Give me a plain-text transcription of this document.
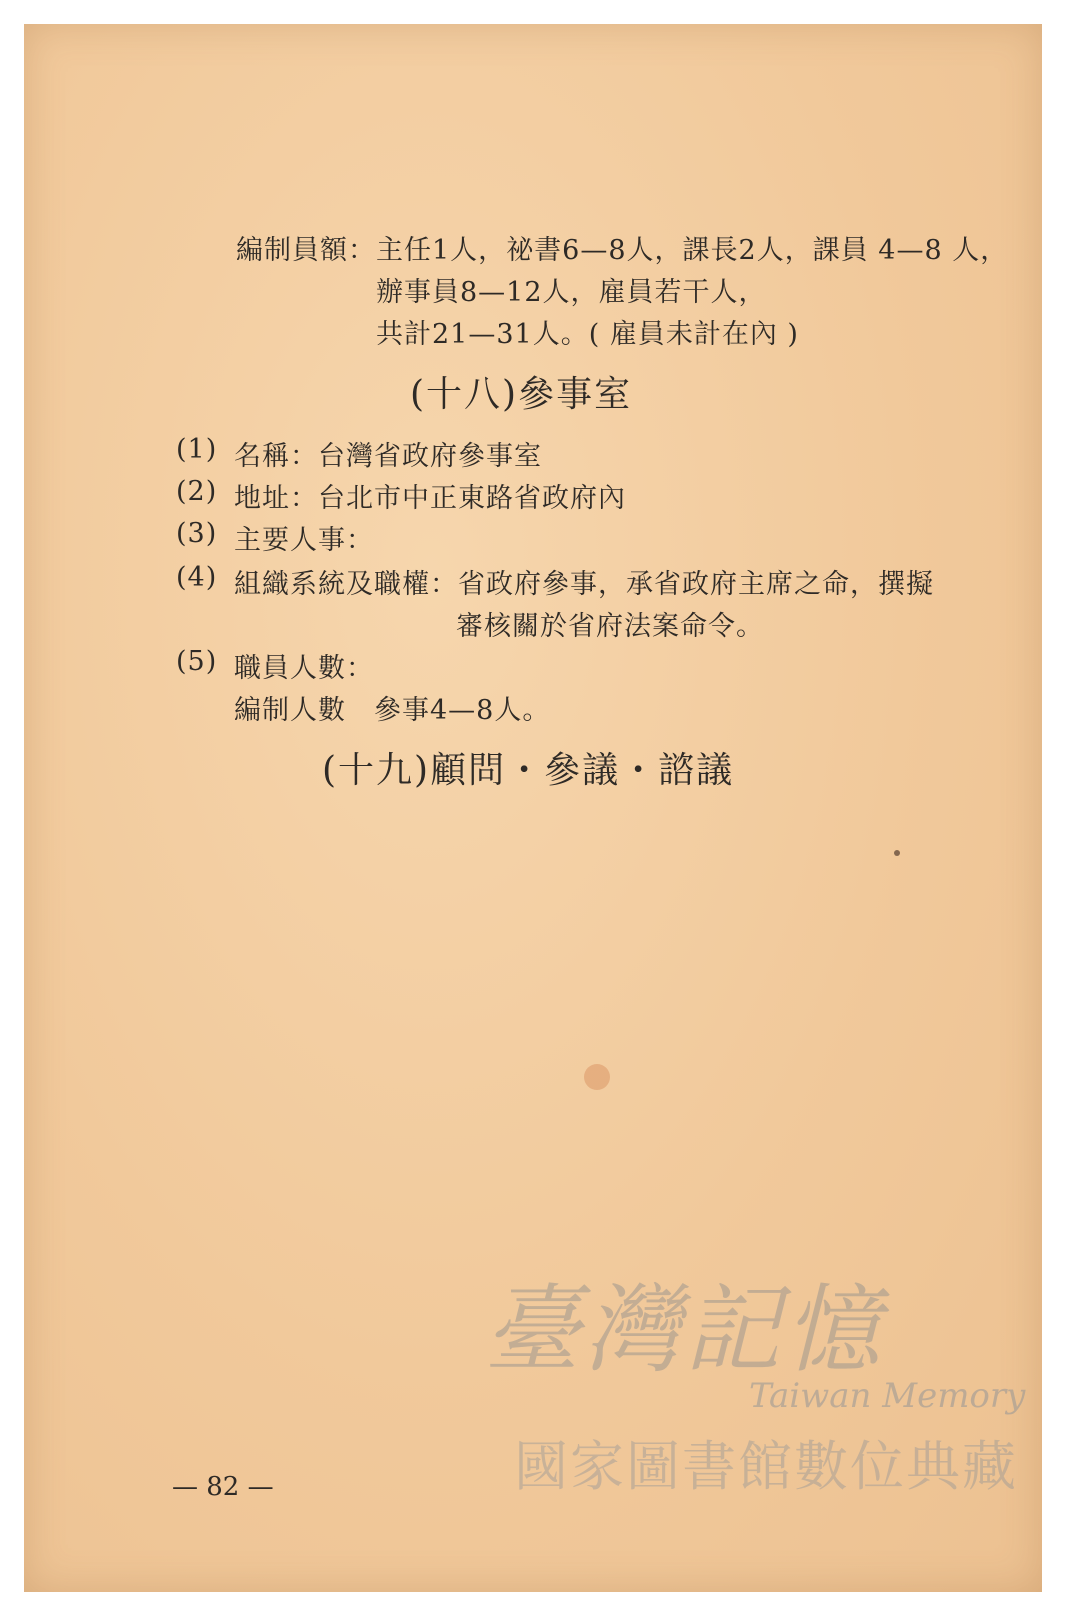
編制員額： 主任1人，祕書6—8人，課長2人，課員 4—8 人，
辦事員8—12人，雇員若干人，
共計21—31人。( 雇員未計在內 )
(十八)參事室
(1) 名稱：台灣省政府參事室
(2) 地址：台北市中正東路省政府內
(3) 主要人事：
(4) 組織系統及職權：省政府參事，承省政府主席之命，撰擬
審核關於省府法案命令。
(5) 職員人數：
編制人數　參事4—8人。
(十九)顧問・參議・諮議
— 82 —
臺灣記憶
Taiwan Memory
國家圖書館數位典藏
